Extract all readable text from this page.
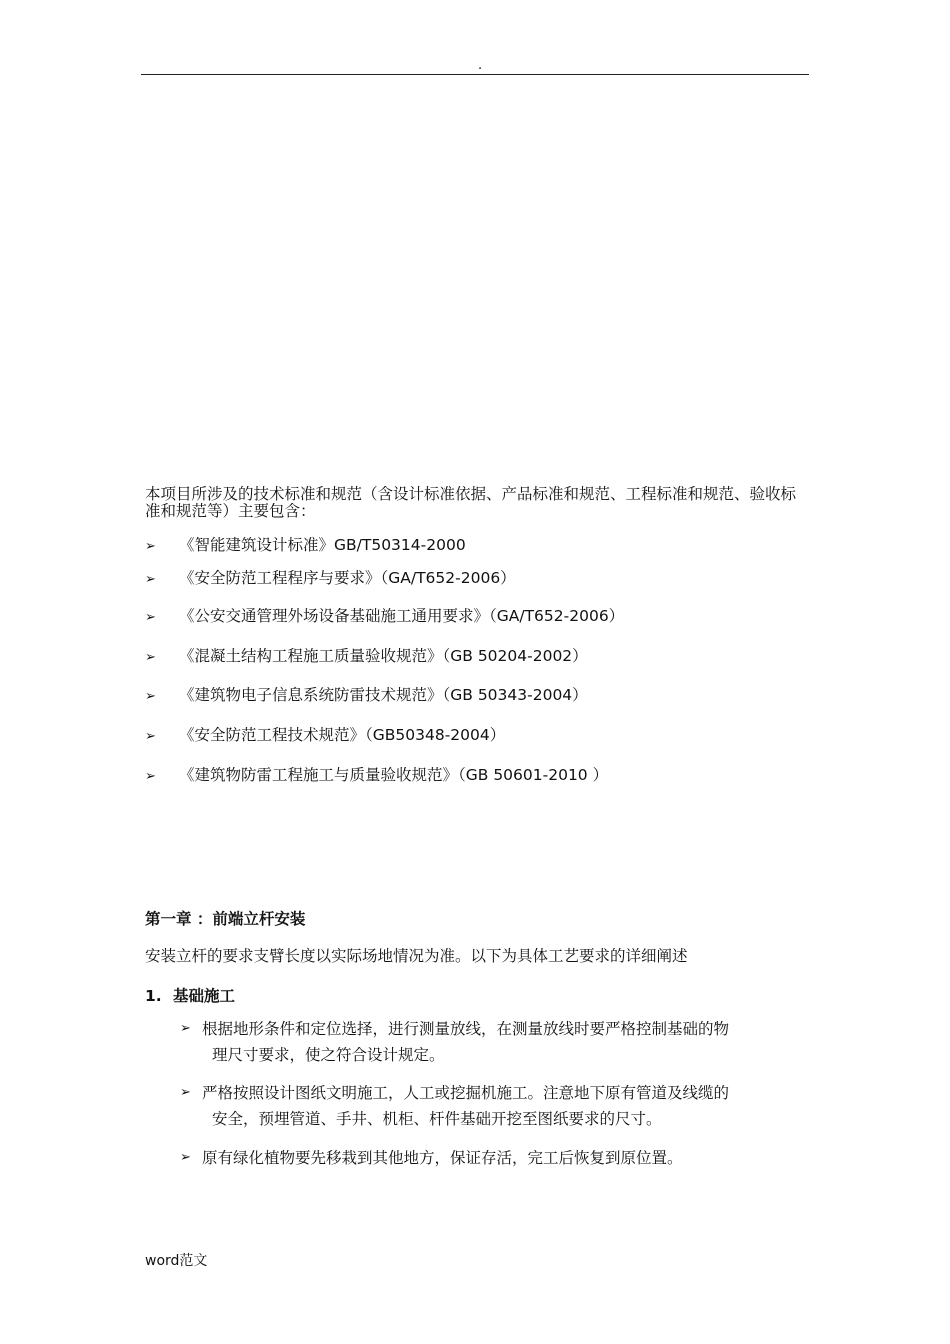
.
本项目所涉及的技术标准和规范（含设计标准依据、产品标准和规范、工程标准和规范、验收标准和规范等）主要包含：
➢ 《智能建筑设计标准》GB/T50314-2000
➢ 《安全防范工程程序与要求》（GA/T652-2006）
➢ 《公安交通管理外场设备基础施工通用要求》（GA/T652-2006）
➢ 《混凝土结构工程施工质量验收规范》（GB 50204-2002）
➢ 《建筑物电子信息系统防雷技术规范》（GB 50343-2004）
➢ 《安全防范工程技术规范》（GB50348-2004）
➢ 《建筑物防雷工程施工与质量验收规范》（GB 50601-2010 ）
第一章 ：前端立杆安装
安装立杆的要求支臂长度以实际场地情况为准。以下为具体工艺要求的详细阐述
1. 基础施工
➢ 根据地形条件和定位选择，进行测量放线，在测量放线时要严格控制基础的物
理尺寸要求，使之符合设计规定。
➢ 严格按照设计图纸文明施工，人工或挖掘机施工。注意地下原有管道及线缆的
安全，预埋管道、手井、机柜、杆件基础开挖至图纸要求的尺寸。
➢ 原有绿化植物要先移栽到其他地方，保证存活，完工后恢复到原位置。
word范文
